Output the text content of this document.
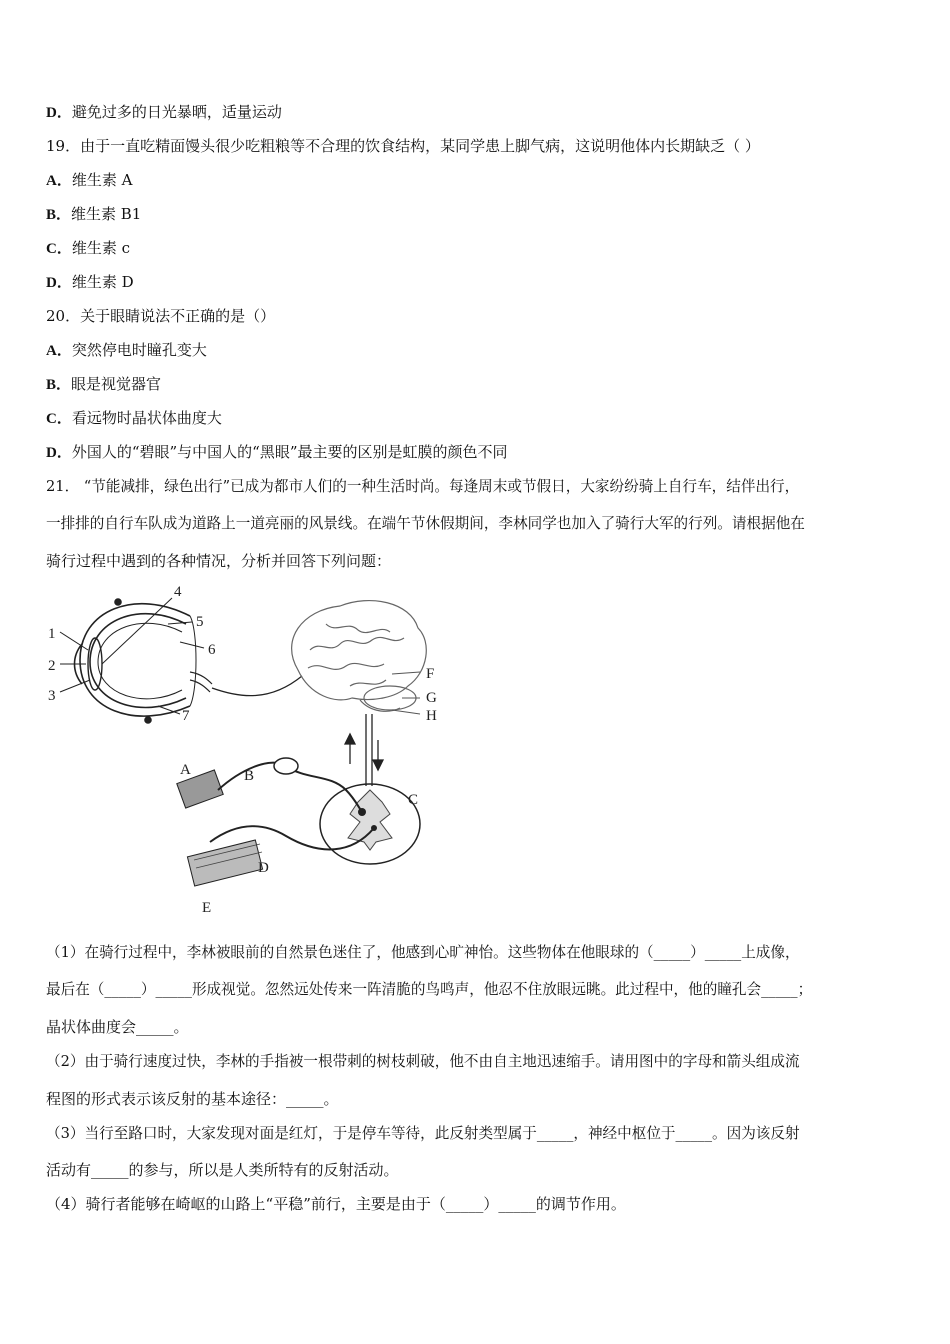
D．避免过多的日光暴晒，适量运动
19．由于一直吃精面馒头很少吃粗粮等不合理的饮食结构，某同学患上脚气病，这说明他体内长期缺乏（ ）
A．维生素 A
B．维生素 B1
C．维生素 c
D．维生素 D
20．关于眼睛说法不正确的是（）
A．突然停电时瞳孔变大
B．眼是视觉器官
C．看远物时晶状体曲度大
D．外国人的“碧眼”与中国人的“黑眼”最主要的区别是虹膜的颜色不同
21． “节能减排，绿色出行”已成为都市人们的一种生活时尚。每逢周末或节假日，大家纷纷骑上自行车，结伴出行，
一排排的自行车队成为道路上一道亮丽的风景线。在端午节休假期间，李林同学也加入了骑行大军的行列。请根据他在
骑行过程中遇到的各种情况，分析并回答下列问题：
1
2
3
4
5
6
7
F
G
H
A	B
C
D
E
（1）在骑行过程中，李林被眼前的自然景色迷住了，他感到心旷神怡。这些物体在他眼球的（_____）_____上成像，
最后在（_____）_____形成视觉。忽然远处传来一阵清脆的鸟鸣声，他忍不住放眼远眺。此过程中，他的瞳孔会_____；
晶状体曲度会_____。
（2）由于骑行速度过快，李林的手指被一根带刺的树枝刺破，他不由自主地迅速缩手。请用图中的字母和箭头组成流
程图的形式表示该反射的基本途径：_____。
（3）当行至路口时，大家发现对面是红灯，于是停车等待，此反射类型属于_____，神经中枢位于_____。因为该反射
活动有_____的参与，所以是人类所特有的反射活动。
（4）骑行者能够在崎岖的山路上“平稳”前行，主要是由于（_____）_____的调节作用。
